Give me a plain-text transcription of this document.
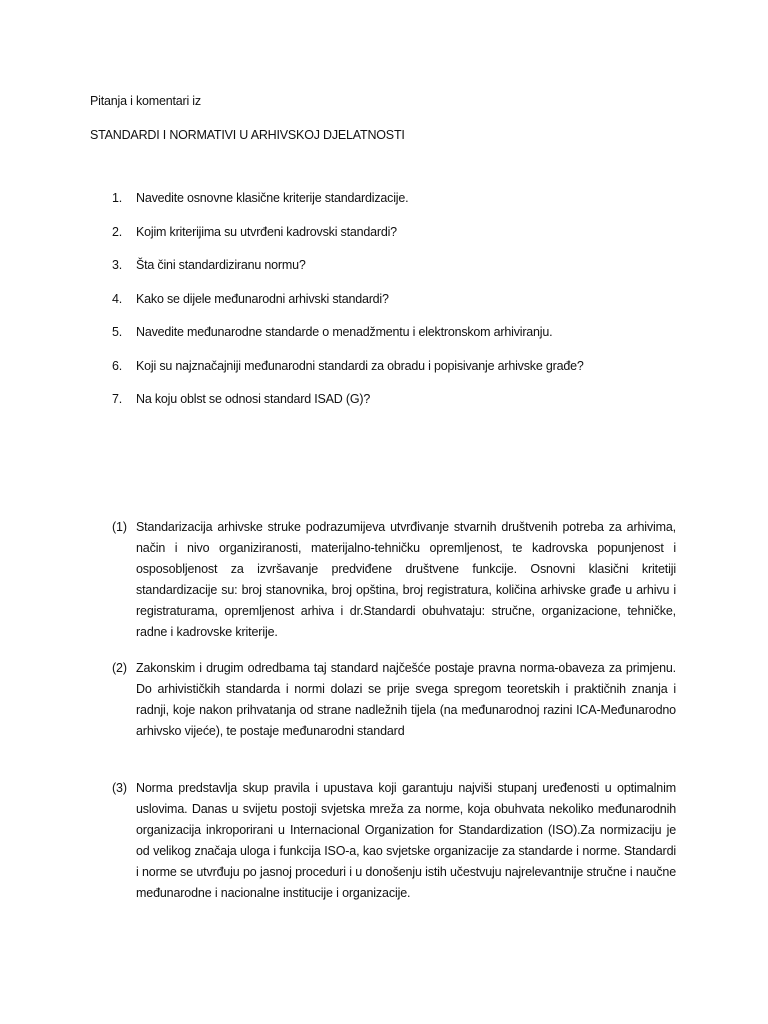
Pitanja i komentari iz
STANDARDI I NORMATIVI U ARHIVSKOJ DJELATNOSTI
1.	Navedite osnovne klasične kriterije standardizacije.
2.	Kojim kriterijima su utvrđeni kadrovski standardi?
3.	Šta čini standardiziranu normu?
4.	Kako se dijele međunarodni arhivski standardi?
5.	Navedite međunarodne standarde o menadžmentu i elektronskom arhiviranju.
6.	Koji su najznačajniji međunarodni standardi za obradu i popisivanje arhivske građe?
7.	Na koju oblst se odnosi standard ISAD (G)?
(1) Standarizacija arhivske struke podrazumijeva utvrđivanje stvarnih društvenih potreba za arhivima, način i nivo organiziranosti, materijalno-tehničku opremljenost, te kadrovska popunjenost i osposobljenost za izvršavanje predviđene društvene funkcije. Osnovni klasični kritetiji standardizacije su: broj stanovnika, broj opština, broj registratura, količina arhivske građe u arhivu i registraturama, opremljenost arhiva i dr.Standardi obuhvataju: stručne, organizacione, tehničke, radne i kadrovske kriterije.
(2) Zakonskim i drugim odredbama taj standard najčešće postaje pravna norma-obaveza za primjenu. Do arhivističkih standarda i normi dolazi se prije svega spregom teoretskih i praktičnih znanja i radnji, koje nakon prihvatanja od strane nadležnih tijela (na međunarodnoj razini ICA-Međunarodno arhivsko vijeće), te postaje međunarodni standard
(3) Norma predstavlja skup pravila i upustava koji garantuju najviši stupanj uređenosti u optimalnim uslovima. Danas u svijetu postoji svjetska mreža za norme, koja obuhvata nekoliko međunarodnih organizacija inkroporirani u Internacional Organization for Standardization (ISO).Za normizaciju je od velikog značaja uloga i funkcija ISO-a, kao svjetske organizacije za standarde i norme. Standardi i norme se utvrđuju po jasnoj proceduri i u donošenju istih učestvuju najrelevantnije stručne i naučne međunarodne i nacionalne institucije i organizacije.
